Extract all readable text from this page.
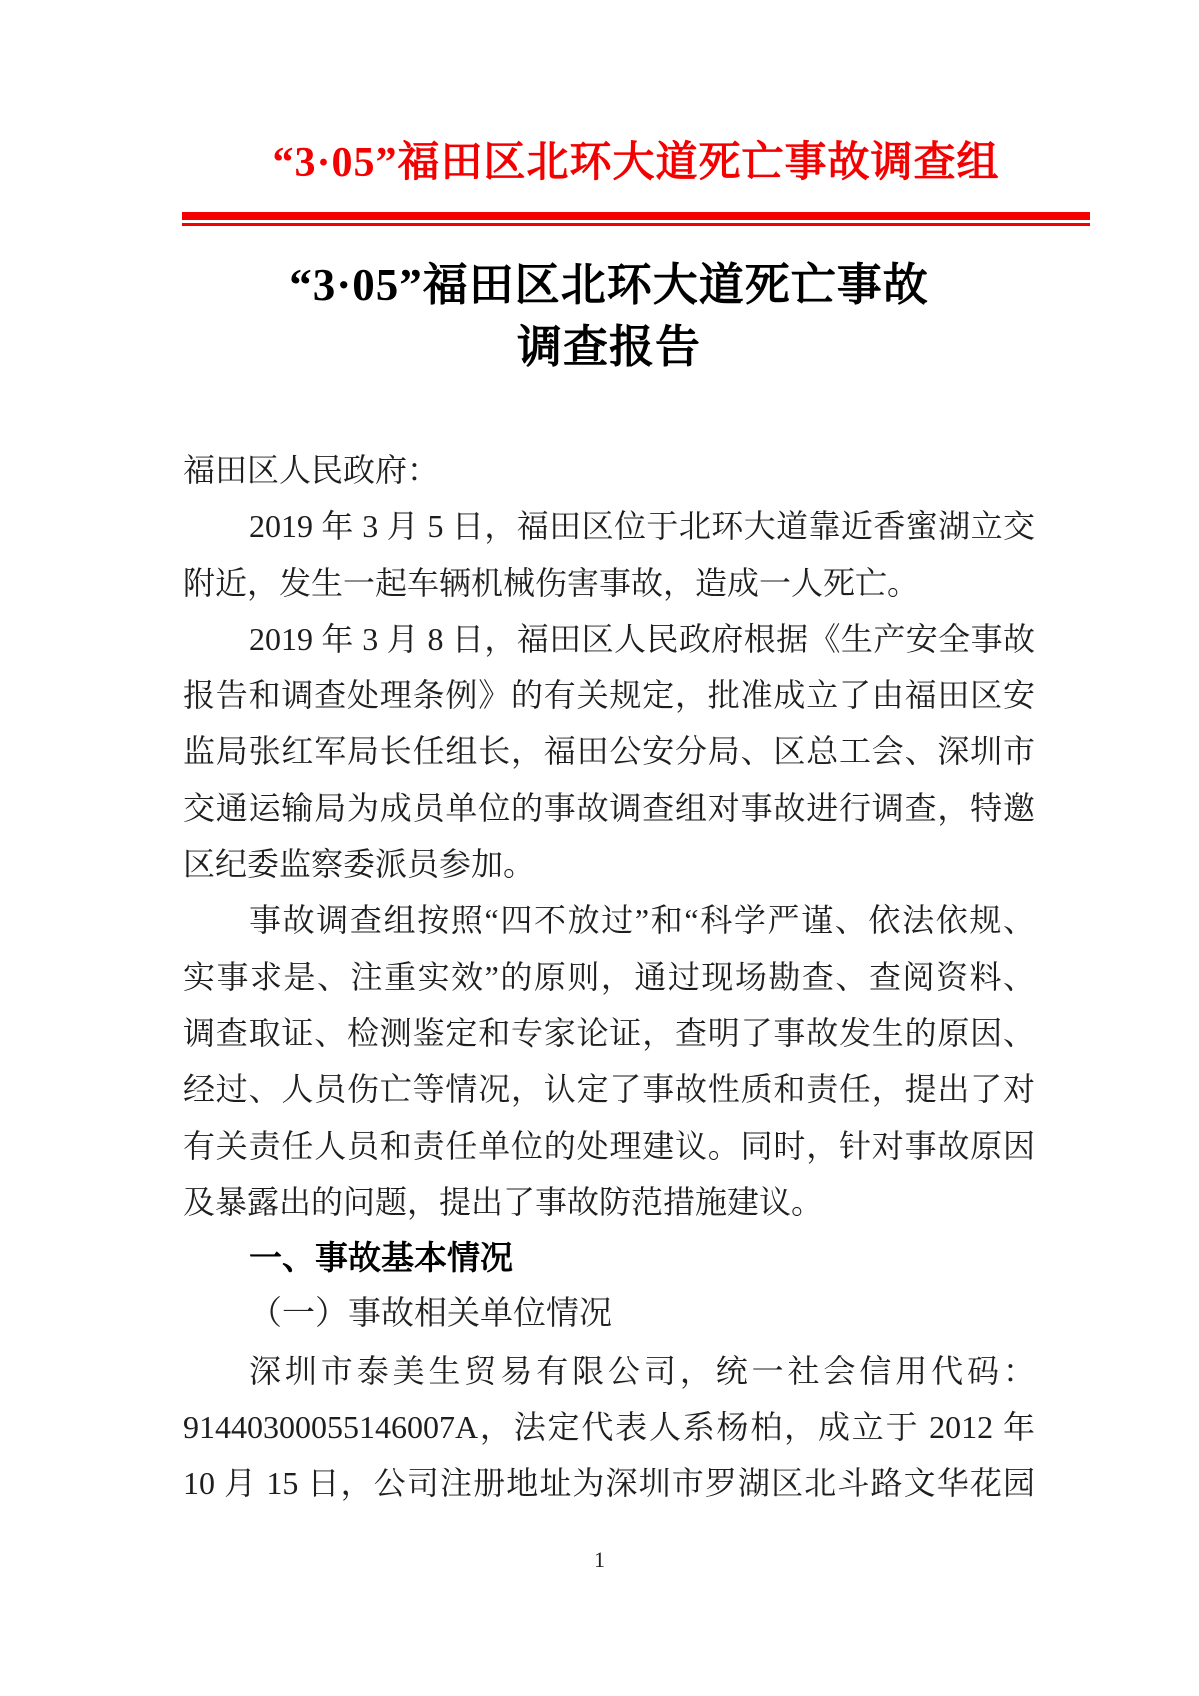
“3·05”福田区北环大道死亡事故调查组
“3·05”福田区北环大道死亡事故
调查报告
福田区人民政府：
2019 年 3 月 5 日，福田区位于北环大道靠近香蜜湖立交
附近，发生一起车辆机械伤害事故，造成一人死亡。
2019 年 3 月 8 日，福田区人民政府根据《生产安全事故
报告和调查处理条例》的有关规定，批准成立了由福田区安
监局张红军局长任组长，福田公安分局、区总工会、深圳市
交通运输局为成员单位的事故调查组对事故进行调查，特邀
区纪委监察委派员参加。
事故调查组按照“四不放过”和“科学严谨、依法依规、
实事求是、注重实效”的原则，通过现场勘查、查阅资料、
调查取证、检测鉴定和专家论证，查明了事故发生的原因、
经过、人员伤亡等情况，认定了事故性质和责任，提出了对
有关责任人员和责任单位的处理建议。同时，针对事故原因
及暴露出的问题，提出了事故防范措施建议。
一、事故基本情况
（一）事故相关单位情况
深圳市泰美生贸易有限公司，统一社会信用代码：
91440300055146007A，法定代表人系杨柏，成立于 2012 年
10 月 15 日，公司注册地址为深圳市罗湖区北斗路文华花园
1
